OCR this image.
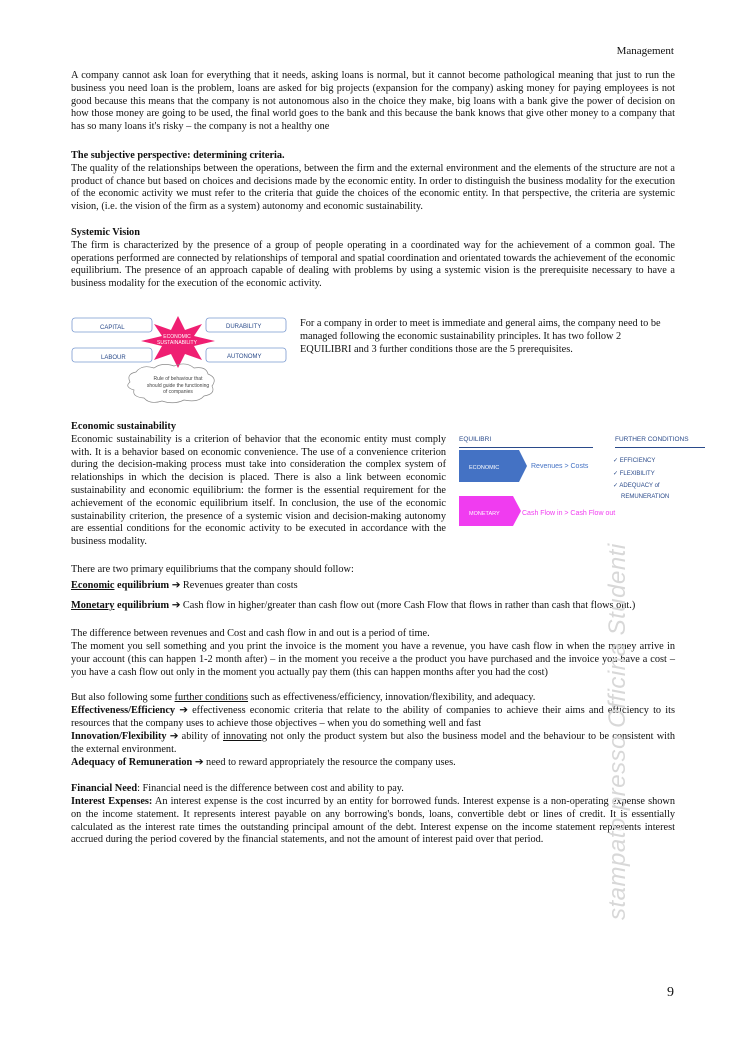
Management
A company cannot ask loan for everything that it needs, asking loans is normal, but it cannot become pathological meaning that just to run the business you need loan is the problem, loans are asked for big projects (expansion for the company) asking money for paying employees is not good because this means that the company is not autonomous also in the choice they make, big loans with a bank give the power of decision on how those money are going to be used, the final world goes to the bank and this because the bank knows that give other money to a company that has so many loans it's risky – the company is not a healthy one
The subjective perspective: determining criteria.
The quality of the relationships between the operations, between the firm and the external environment and the elements of the structure are not a product of chance but based on choices and decisions made by the economic entity. In order to distinguish the business modality for the execution of the economic activity we must refer to the criteria that guide the choices of the economic entity. In that perspective, the criteria are systemic vision, (i.e. the vision of the firm as a system) autonomy and economic sustainability.
Systemic Vision
The firm is characterized by the presence of a group of people operating in a coordinated way for the achievement of a common goal. The operations performed are connected by relationships of temporal and spatial coordination and orientated towards the achievement of the economic equilibrium. The presence of an approach capable of dealing with problems by using a systemic vision is the prerequisite necessary to have a business modality for the execution of the economic activity.
CAPITAL	DURABILITY
LABOUR	AUTONOMY
ECONOMIC SUSTAINABILITY
Rule of behaviour that should guide the functioning of companies
For a company in order to meet is immediate and general aims, the company need to be managed following the economic sustainability principles. It has two follow 2 EQUILIBRI and 3 further conditions those are the 5 prerequisites.
Economic sustainability
Economic sustainability is a criterion of behavior that the economic entity must comply with. It is a behavior based on economic convenience. The use of a convenience criterion during the decision-making process must take into consideration the complex system of relationships in which the decision is placed. There is also a link between economic sustainability and economic equilibrium: the former is the essential requirement for the achievement of the economic equilibrium itself. In conclusion, the use of the economic sustainability criterion, the presence of a systemic vision and decision-making autonomy are essential conditions for the economic activity to be executed in accordance with the business modality.
EQUILIBRI	FURTHER CONDITIONS
ECONOMIC	Revenues > Costs
MONETARY	Cash Flow in > Cash Flow out
✓ EFFICIENCY
✓ FLEXIBILITY
✓ ADEQUACY of
REMUNERATION
There are two primary equilibriums that the company should follow:
Economic equilibrium ➔ Revenues greater than costs
Monetary equilibrium ➔ Cash flow in higher/greater than cash flow out (more Cash Flow that flows in rather than cash that flows out.)
The difference between revenues and Cost and cash flow in and out is a period of time.
The moment you sell something and you print the invoice is the moment you have a revenue, you have cash flow in when the money arrive in your account (this can happen 1-2 month after) – in the moment you receive a the product you have purchased and the invoice you have a cost – you have a cash flow out only in the moment you actually pay them (this can happen months after you had the cost)
But also following some further conditions such as effectiveness/efficiency, innovation/flexibility, and adequacy.
Effectiveness/Efficiency ➔ effectiveness economic criteria that relate to the ability of companies to achieve their aims and efficiency to its resources that the company uses to achieve those objectives – when you do something well and fast
Innovation/Flexibility ➔ ability of innovating not only the product system but also the business model and the behaviour to be consistent with the external environment.
Adequacy of Remuneration ➔ need to reward appropriately the resource the company uses.
Financial Need: Financial need is the difference between cost and ability to pay.
Interest Expenses: An interest expense is the cost incurred by an entity for borrowed funds. Interest expense is a non-operating expense shown on the income statement. It represents interest payable on any borrowing's bonds, loans, convertible debt or lines of credit. It is essentially calculated as the interest rate times the outstanding principal amount of the debt. Interest expense on the income statement represents interest accrued during the period covered by the financial statements, and not the amount of interest paid over that period.	stampato presso Officina Studenti
9
